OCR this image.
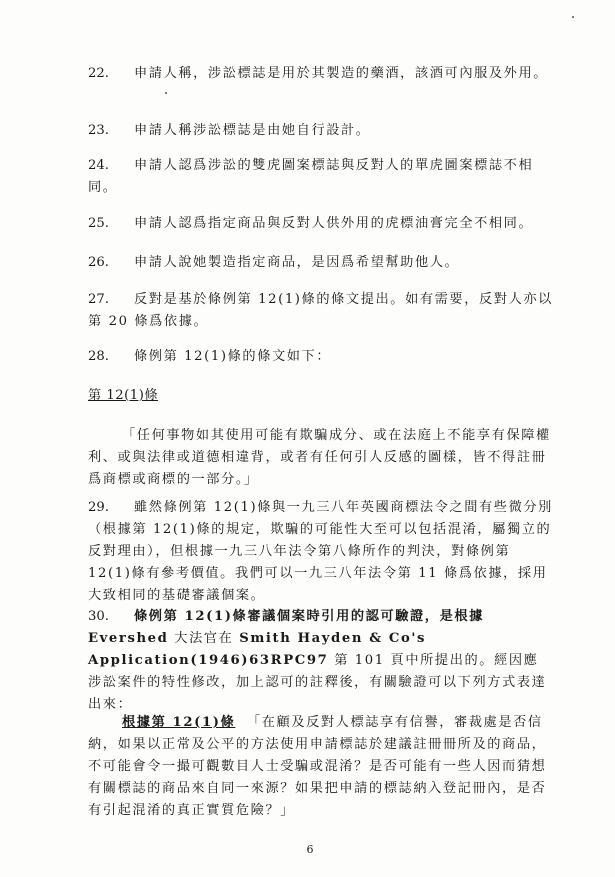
22. 申請人稱，涉訟標誌是用於其製造的藥酒，該酒可內服及外用。
23. 申請人稱涉訟標誌是由她自行設計。
24. 申請人認爲涉訟的雙虎圖案標誌與反對人的單虎圖案標誌不相同。
25. 申請人認爲指定商品與反對人供外用的虎標油膏完全不相同。
26. 申請人說她製造指定商品，是因爲希望幫助他人。
27. 反對是基於條例第 12(1)條的條文提出。如有需要，反對人亦以第 20 條爲依據。
28. 條例第 12(1)條的條文如下：
第 12(1)條
「任何事物如其使用可能有欺騙成分、或在法庭上不能享有保障權利、或與法律或道德相違背，或者有任何引人反感的圖樣，皆不得註冊爲商標或商標的一部分。」
29. 雖然條例第 12(1)條與一九三八年英國商標法令之間有些微分別（根據第 12(1)條的規定，欺騙的可能性大至可以包括混淆，屬獨立的反對理由），但根據一九三八年法令第八條所作的判決，對條例第 12(1)條有參考價值。我們可以一九三八年法令第 11 條爲依據，採用大致相同的基礎審議個案。
30. 條例第 12(1)條審議個案時引用的認可驗證，是根據 Evershed 大法官在 Smith Hayden & Co's Application(1946)63RPC97 第 101 頁中所提出的。經因應涉訟案件的特性修改，加上認可的註釋後，有關驗證可以下列方式表達出來：
根據第 12(1)條 「在顧及反對人標誌享有信譽，審裁處是否信納，如果以正常及公平的方法使用申請標誌於建議註冊冊所及的商品，不可能會令一撮可觀數目人士受騙或混淆？是否可能有一些人因而猜想有關標誌的商品來自同一來源？如果把申請的標誌納入登記冊內，是否有引起混淆的真正實質危險？」
6
